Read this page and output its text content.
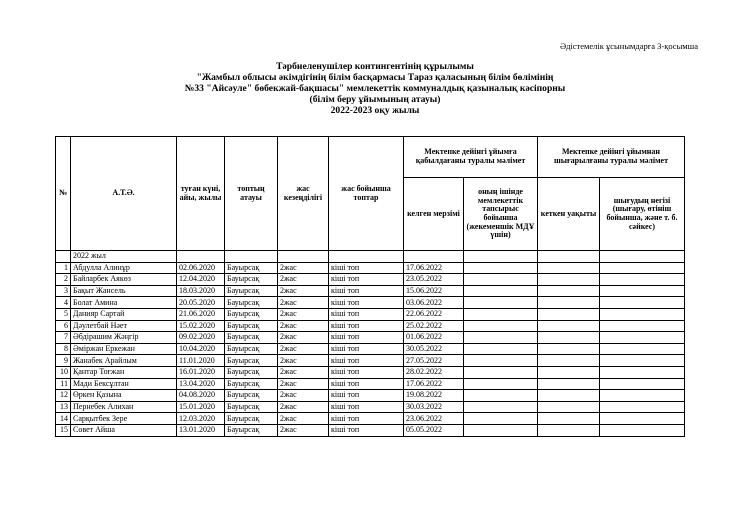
Әдістемелік ұсынымдарға 3-қосымша
Тәрбиеленушілер контингентінің құрылымы
"Жамбыл облысы әкімдігінің білім басқармасы Тараз қаласының білім бөлімінің
№33 "Айсәуле" бөбекжай-бақшасы" мемлекеттік коммуналдық қазыналық кәсіпорны
(білім беру ұйымының атауы)
2022-2023 оқу жылы
№	А.Т.Ә.	туған күні, айы, жылы	топтың атауы	жас кезеңділігі	жас бойынша топтар	Мектепке дейінгі ұйымға қабылдағаны туралы мәлімет		Мектепке дейінгі ұйымнан шығарылғаны туралы мәлімет	
						келген мерзімі	оның ішінде мемлекеттік тапсырыс бойынша (жекеменшік МДҰ үшін)	кеткен уақыты	шығудың негізі (шығару, өтініш бойынша, және т. б. сәйкес)
	2022 жыл								
1	Абдулла Алинұр	02.06.2020	Бауырсақ	2жас	кіші топ	17.06.2022			
2	Байларбек Аякөз	12.04.2020	Бауырсақ	2жас	кіші топ	23.05.2022			
3	Бақыт Жансель	18.03.2020	Бауырсақ	2жас	кіші топ	15.06.2022			
4	Болат Амина	20.05.2020	Бауырсақ	2жас	кіші топ	03.06.2022			
5	Данияр Сартай	21.06.2020	Бауырсақ	2жас	кіші топ	22.06.2022			
6	Дәулетбай Нәет	15.02.2020	Бауырсақ	2жас	кіші топ	25.02.2022			
7	Әбдірашим Жәңгір	09.02.2020	Бауырсақ	2жас	кіші топ	01.06.2022			
8	Әміржан Еркежан	10.04.2020	Бауырсақ	2жас	кіші топ	30.05.2022			
9	Жанабек Арайлым	11.01.2020	Бауырсақ	2жас	кіші топ	27.05.2022			
10	Қантар Тоғжан	16.01.2020	Бауырсақ	2жас	кіші топ	28.02.2022			
11	Мади Бексұлтан	13.04.2020	Бауырсақ	2жас	кіші топ	17.06.2022			
12	Өркен Қазына	04.08.2020	Бауырсақ	2жас	кіші топ	19.08.2022			
13	Пернебек Алихан	15.01.2020	Бауырсақ	2жас	кіші топ	30.03.2022			
14	Сарқытбек Зере	12.03.2020	Бауырсақ	2жас	кіші топ	23.06.2022			
15	Совет Айша	13.01.2020	Бауырсақ	2жас	кіші топ	05.05.2022			
